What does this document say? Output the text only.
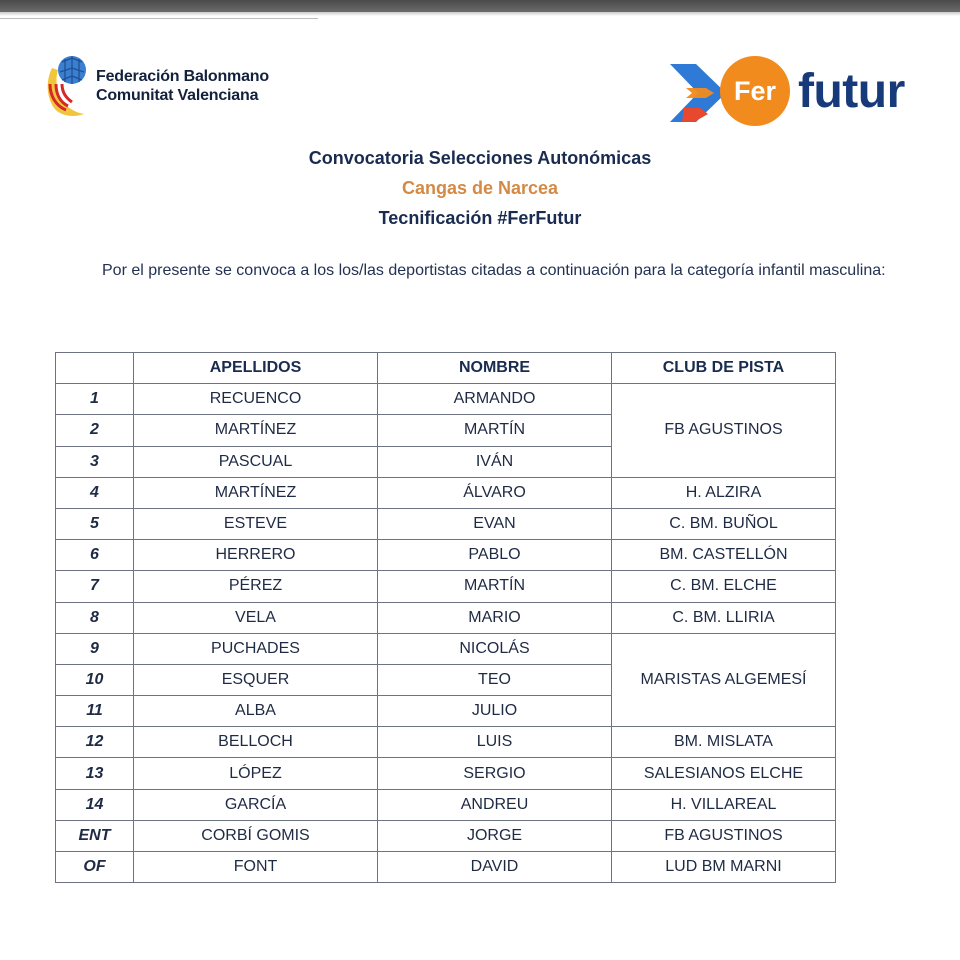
Federación Balonmano
Comunitat Valenciana	Fer futur
Convocatoria Selecciones Autonómicas
Cangas de Narcea
Tecnificación #FerFutur
Por el presente se convoca a los los/las deportistas citadas a continuación para la categoría infantil masculina:
	APELLIDOS	NOMBRE	CLUB DE PISTA
1	RECUENCO	ARMANDO	FB AGUSTINOS
2	MARTÍNEZ	MARTÍN	
3	PASCUAL	IVÁN	
4	MARTÍNEZ	ÁLVARO	H. ALZIRA
5	ESTEVE	EVAN	C. BM. BUÑOL
6	HERRERO	PABLO	BM. CASTELLÓN
7	PÉREZ	MARTÍN	C. BM. ELCHE
8	VELA	MARIO	C. BM. LLIRIA
9	PUCHADES	NICOLÁS	MARISTAS ALGEMESÍ
10	ESQUER	TEO	
11	ALBA	JULIO	
12	BELLOCH	LUIS	BM. MISLATA
13	LÓPEZ	SERGIO	SALESIANOS ELCHE
14	GARCÍA	ANDREU	H. VILLAREAL
ENT	CORBÍ GOMIS	JORGE	FB AGUSTINOS
OF	FONT	DAVID	LUD BM MARNI
